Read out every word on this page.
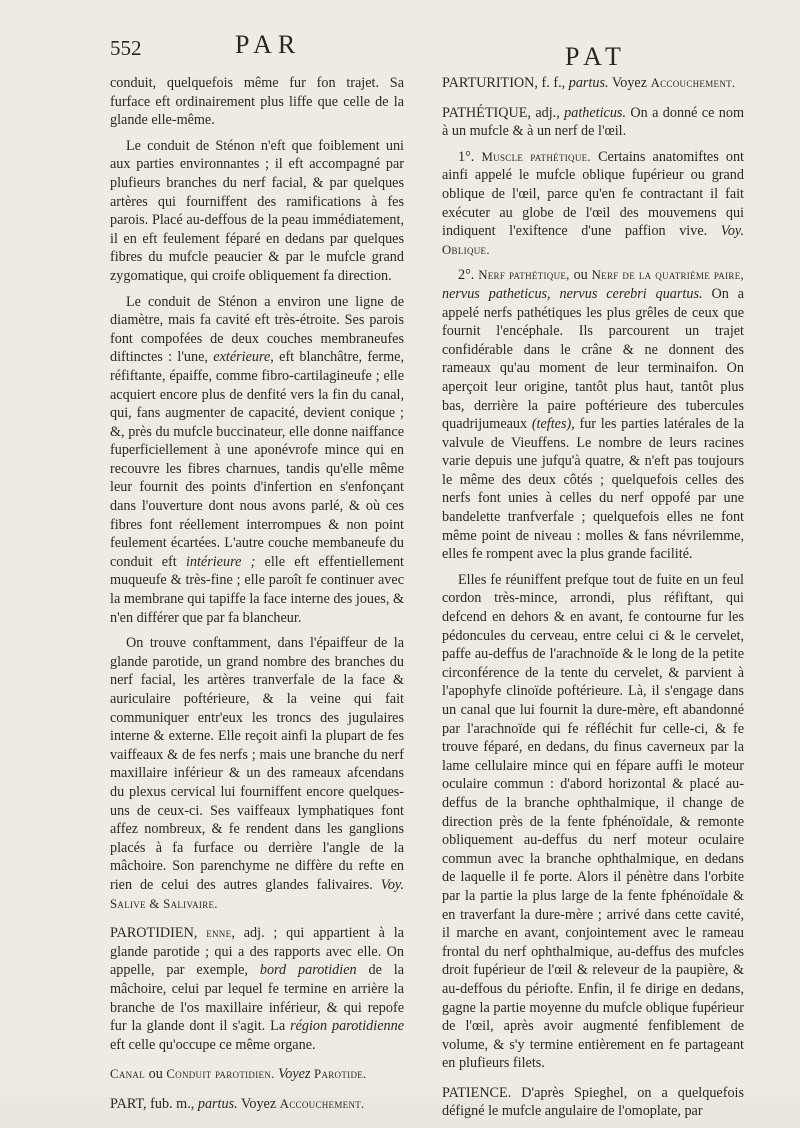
552	PAR	PAT

conduit, quelquefois même fur fon trajet. Sa furface eft ordinairement plus liffe que celle de la glande elle-même.

Le conduit de Sténon n'eft que foiblement uni aux parties environnantes ; il eft accompagné par plufieurs branches du nerf facial, & par quelques artères qui fourniffent des ramifications à fes parois. Placé au-deffous de la peau immédiatement, il en eft feulement féparé en dedans par quelques fibres du mufcle peaucier & par le mufcle grand zygomatique, qui croife obliquement fa direction.

Le conduit de Sténon a environ une ligne de diamètre, mais fa cavité eft très-étroite. Ses parois font compofées de deux couches membraneufes diftinctes : l'une, extérieure, eft blanchâtre, ferme, réfiftante, épaiffe, comme fibro-cartilagineufe ; elle acquiert encore plus de denfité vers la fin du canal, qui, fans augmenter de capacité, devient conique ; &, près du mufcle buccinateur, elle donne naiffance fuperficiellement à une aponévrofe mince qui en recouvre les fibres charnues, tandis qu'elle même leur fournit des points d'infertion en s'enfonçant dans l'ouverture dont nous avons parlé, & où ces fibres font réellement interrompues & non point feulement écartées. L'autre couche membaneufe du conduit eft intérieure ; elle eft effentiellement muqueufe & très-fine ; elle paroît fe continuer avec la membrane qui tapiffe la face interne des joues, & n'en différer que par fa blancheur.

On trouve conftamment, dans l'épaiffeur de la glande parotide, un grand nombre des branches du nerf facial, les artères tranverfale de la face & auriculaire poftérieure, & la veine qui fait communiquer entr'eux les troncs des jugulaires interne & externe. Elle reçoit ainfi la plupart de fes vaiffeaux & de fes nerfs ; mais une branche du nerf maxillaire inférieur & un des rameaux afcendans du plexus cervical lui fourniffent encore quelques-uns de ceux-ci. Ses vaiffeaux lymphatiques font affez nombreux, & fe rendent dans les ganglions placés à fa furface ou derrière l'angle de la mâchoire. Son parenchyme ne diffère du refte en rien de celui des autres glandes falivaires. Voy. Salive & Salivaire.

PAROTIDIEN, enne, adj. ; qui appartient à la glande parotide ; qui a des rapports avec elle. On appelle, par exemple, bord parotidien de la mâchoire, celui par lequel fe termine en arrière la branche de l'os maxillaire inférieur, & qui repofe fur la glande dont il s'agit. La région parotidienne eft celle qu'occupe ce même organe.

Canal ou Conduit parotidien. Voyez Parotide.

PART, fub. m., partus. Voyez Accouchement.

PARTURITION, f. f., partus. Voyez Accouchement.

PATHÉTIQUE, adj., patheticus. On a donné ce nom à un mufcle & à un nerf de l'œil.

1°. Muscle pathétique. Certains anatomiftes ont ainfi appelé le mufcle oblique fupérieur ou grand oblique de l'œil, parce qu'en fe contractant il fait exécuter au globe de l'œil des mouvemens qui indiquent l'exiftence d'une paffion vive. Voy. Oblique.

2°. Nerf pathétique, ou Nerf de la quatrième paire, nervus patheticus, nervus cerebri quartus. On a appelé nerfs pathétiques les plus grêles de ceux que fournit l'encéphale. Ils parcourent un trajet confidérable dans le crâne & ne donnent des rameaux qu'au moment de leur terminaifon. On aperçoit leur origine, tantôt plus haut, tantôt plus bas, derrière la paire poftérieure des tubercules quadrijumeaux (teftes), fur les parties latérales de la valvule de Vieuffens. Le nombre de leurs racines varie depuis une jufqu'à quatre, & n'eft pas toujours le même des deux côtés ; quelquefois celles des nerfs font unies à celles du nerf oppofé par une bandelette tranfverfale ; quelquefois elles ne font même point de niveau : molles & fans névrilemme, elles fe rompent avec la plus grande facilité.

Elles fe réuniffent prefque tout de fuite en un feul cordon très-mince, arrondi, plus réfiftant, qui defcend en dehors & en avant, fe contourne fur les pédoncules du cerveau, entre celui ci & le cervelet, paffe au-deffus de l'arachnoïde & le long de la petite circonférence de la tente du cervelet, & parvient à l'apophyfe clinoïde poftérieure. Là, il s'engage dans un canal que lui fournit la dure-mère, eft abandonné par l'arachnoïde qui fe réfléchit fur celle-ci, & fe trouve féparé, en dedans, du finus caverneux par la lame cellulaire mince qui en fépare auffi le moteur oculaire commun : d'abord horizontal & placé au-deffus de la branche ophthalmique, il change de direction près de la fente fphénoïdale, & remonte obliquement au-deffus du nerf moteur oculaire commun avec la branche ophthalmique, en dedans de laquelle il fe porte. Alors il pénètre dans l'orbite par la partie la plus large de la fente fphénoïdale & en traverfant la dure-mère ; arrivé dans cette cavité, il marche en avant, conjointement avec le rameau frontal du nerf ophthalmique, au-deffus des mufcles droit fupérieur de l'œil & releveur de la paupière, & au-deffous du périofte. Enfin, il fe dirige en dedans, gagne la partie moyenne du mufcle oblique fupérieur de l'œil, après avoir augmenté fenfiblement de volume, & s'y termine entièrement en fe partageant en plufieurs filets.

PATIENCE. D'après Spieghel, on a quelquefois défigné le mufcle angulaire de l'omoplate, par
